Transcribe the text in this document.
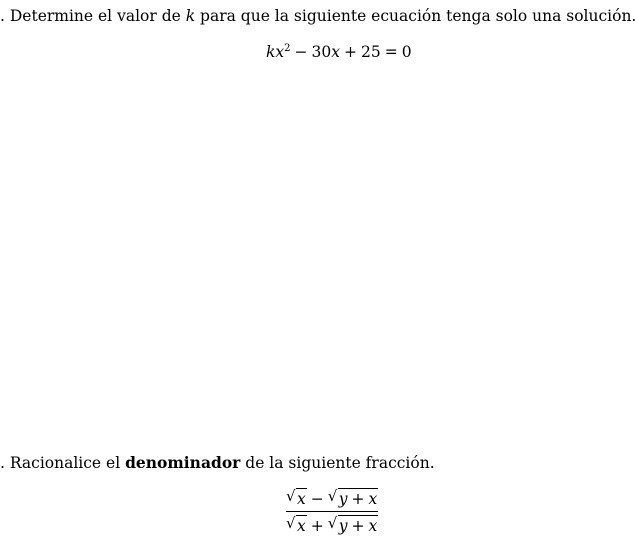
. Determine el valor de k para que la siguiente ecuación tenga solo una solución.
$kx^2 - 30x + 25 = 0$
. Racionalice el denominador de la siguiente fracción.
√ x − √ y + x
√ x + √ y + x
